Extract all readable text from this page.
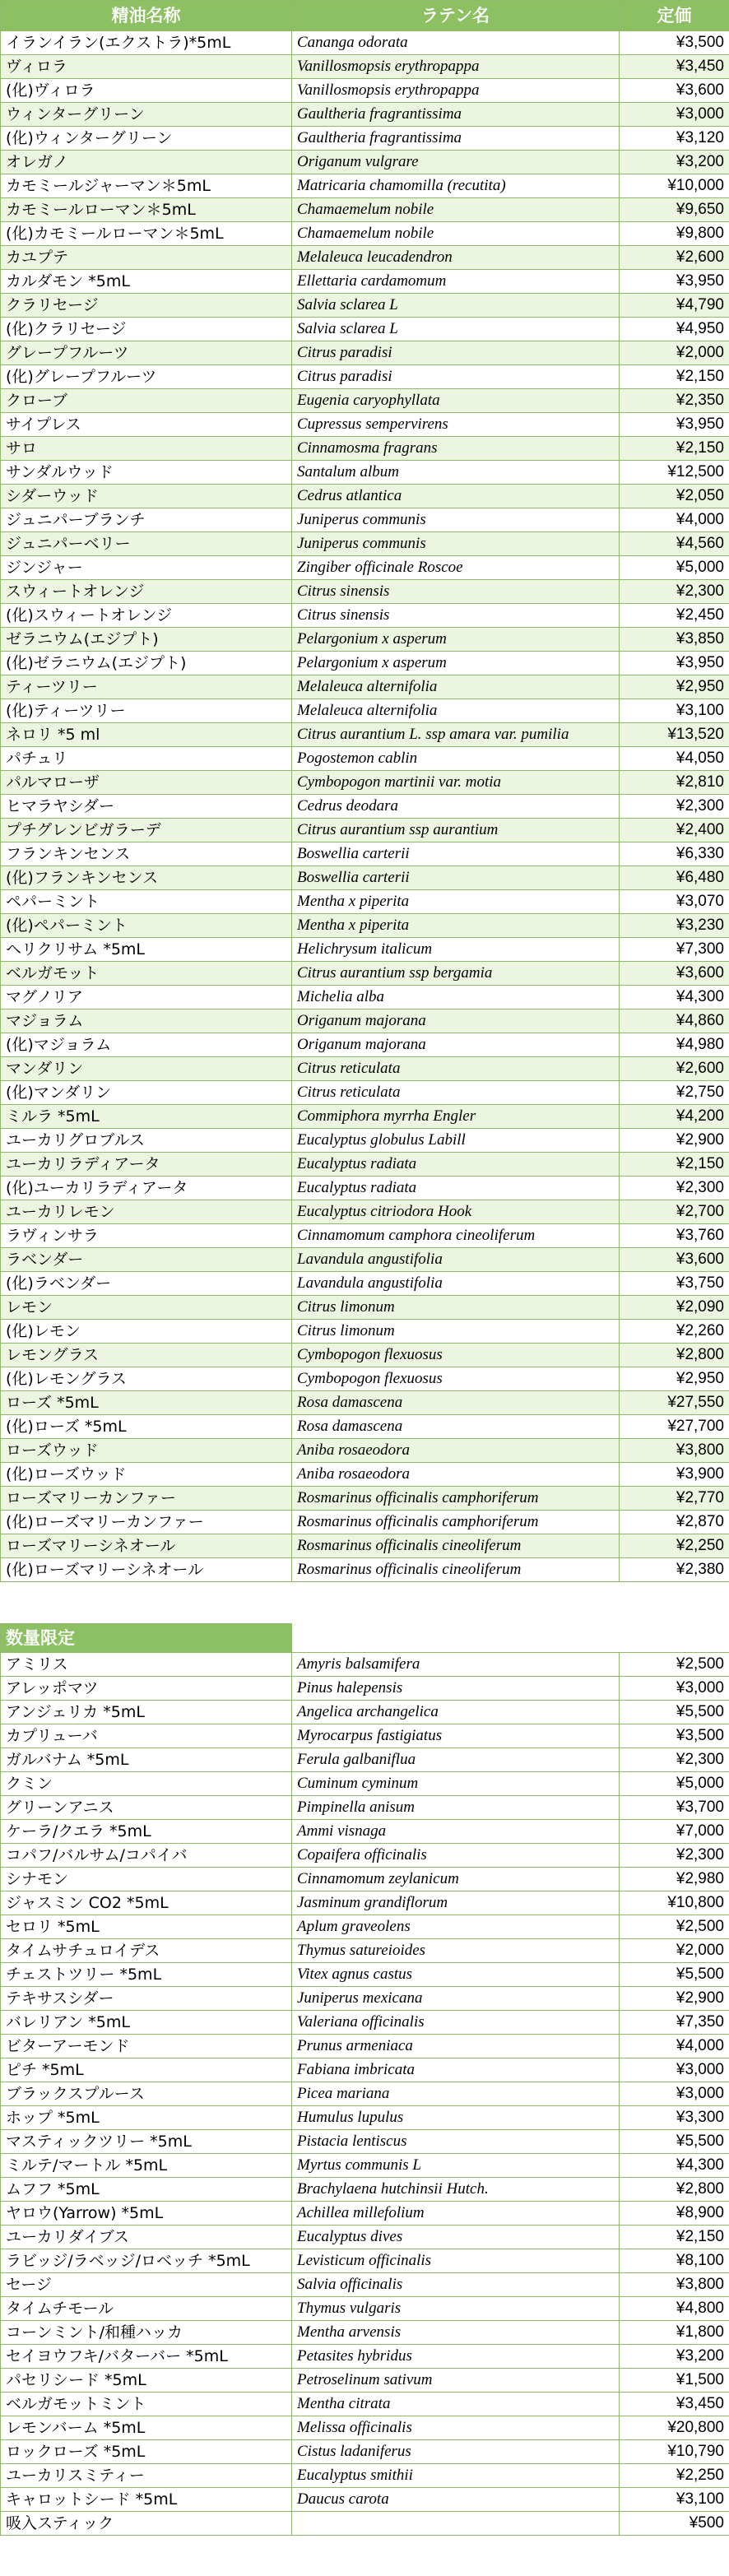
精油名称	ラテン名	定価
イランイラン(エクストラ)*5mL	Cananga odorata	¥3,500
ヴィロラ	Vanillosmopsis erythropappa	¥3,450
(化)ヴィロラ	Vanillosmopsis erythropappa	¥3,600
ウィンターグリーン	Gaultheria fragrantissima	¥3,000
(化)ウィンターグリーン	Gaultheria fragrantissima	¥3,120
オレガノ	Origanum vulgrare	¥3,200
カモミールジャーマン＊5mL	Matricaria chamomilla (recutita)	¥10,000
カモミールローマン＊5mL	Chamaemelum nobile	¥9,650
(化)カモミールローマン＊5mL	Chamaemelum nobile	¥9,800
カユプテ	Melaleuca leucadendron	¥2,600
カルダモン *5mL	Ellettaria cardamomum	¥3,950
クラリセージ	Salvia sclarea L	¥4,790
(化)クラリセージ	Salvia sclarea L	¥4,950
グレープフルーツ	Citrus paradisi	¥2,000
(化)グレープフルーツ	Citrus paradisi	¥2,150
クローブ	Eugenia caryophyllata	¥2,350
サイプレス	Cupressus sempervirens	¥3,950
サロ	Cinnamosma fragrans	¥2,150
サンダルウッド	Santalum album	¥12,500
シダーウッド	Cedrus atlantica	¥2,050
ジュニパーブランチ	Juniperus communis	¥4,000
ジュニパーベリー	Juniperus communis	¥4,560
ジンジャー	Zingiber officinale Roscoe	¥5,000
スウィートオレンジ	Citrus sinensis	¥2,300
(化)スウィートオレンジ	Citrus sinensis	¥2,450
ゼラニウム(エジプト)	Pelargonium x asperum	¥3,850
(化)ゼラニウム(エジプト)	Pelargonium x asperum	¥3,950
ティーツリー	Melaleuca alternifolia	¥2,950
(化)ティーツリー	Melaleuca alternifolia	¥3,100
ネロリ *5 ml	Citrus aurantium L. ssp amara var. pumilia	¥13,520
パチュリ	Pogostemon cablin	¥4,050
パルマローザ	Cymbopogon martinii var. motia	¥2,810
ヒマラヤシダー	Cedrus deodara	¥2,300
プチグレンビガラーデ	Citrus aurantium ssp aurantium	¥2,400
フランキンセンス	Boswellia carterii	¥6,330
(化)フランキンセンス	Boswellia carterii	¥6,480
ペパーミント	Mentha x piperita	¥3,070
(化)ペパーミント	Mentha x piperita	¥3,230
ヘリクリサム *5mL	Helichrysum italicum	¥7,300
ベルガモット	Citrus aurantium ssp bergamia	¥3,600
マグノリア	Michelia alba	¥4,300
マジョラム	Origanum majorana	¥4,860
(化)マジョラム	Origanum majorana	¥4,980
マンダリン	Citrus reticulata	¥2,600
(化)マンダリン	Citrus reticulata	¥2,750
ミルラ *5mL	Commiphora myrrha Engler	¥4,200
ユーカリグロブルス	Eucalyptus globulus Labill	¥2,900
ユーカリラディアータ	Eucalyptus radiata	¥2,150
(化)ユーカリラディアータ	Eucalyptus radiata	¥2,300
ユーカリレモン	Eucalyptus citriodora Hook	¥2,700
ラヴィンサラ	Cinnamomum camphora cineoliferum	¥3,760
ラベンダー	Lavandula angustifolia	¥3,600
(化)ラベンダー	Lavandula angustifolia	¥3,750
レモン	Citrus limonum	¥2,090
(化)レモン	Citrus limonum	¥2,260
レモングラス	Cymbopogon flexuosus	¥2,800
(化)レモングラス	Cymbopogon flexuosus	¥2,950
ローズ *5mL	Rosa damascena	¥27,550
(化)ローズ *5mL	Rosa damascena	¥27,700
ローズウッド	Aniba rosaeodora	¥3,800
(化)ローズウッド	Aniba rosaeodora	¥3,900
ローズマリーカンファー	Rosmarinus officinalis camphoriferum	¥2,770
(化)ローズマリーカンファー	Rosmarinus officinalis camphoriferum	¥2,870
ローズマリーシネオール	Rosmarinus officinalis cineoliferum	¥2,250
(化)ローズマリーシネオール	Rosmarinus officinalis cineoliferum	¥2,380
数量限定		
アミリス	Amyris balsamifera	¥2,500
アレッポマツ	Pinus halepensis	¥3,000
アンジェリカ *5mL	Angelica archangelica	¥5,500
カプリューバ	Myrocarpus fastigiatus	¥3,500
ガルバナム *5mL	Ferula galbaniflua	¥2,300
クミン	Cuminum cyminum	¥5,000
グリーンアニス	Pimpinella anisum	¥3,700
ケーラ/クエラ *5mL	Ammi visnaga	¥7,000
コパフ/バルサム/コパイバ	Copaifera officinalis	¥2,300
シナモン	Cinnamomum zeylanicum	¥2,980
ジャスミン CO2 *5mL	Jasminum grandiflorum	¥10,800
セロリ *5mL	Aplum graveolens	¥2,500
タイムサチュロイデス	Thymus satureioides	¥2,000
チェストツリー *5mL	Vitex agnus castus	¥5,500
テキサスシダー	Juniperus mexicana	¥2,900
バレリアン *5mL	Valeriana officinalis	¥7,350
ビターアーモンド	Prunus armeniaca	¥4,000
ピチ *5mL	Fabiana imbricata	¥3,000
ブラックスプルース	Picea mariana	¥3,000
ホップ *5mL	Humulus lupulus	¥3,300
マスティックツリー *5mL	Pistacia lentiscus	¥5,500
ミルテ/マートル *5mL	Myrtus communis L	¥4,300
ムフフ *5mL	Brachylaena hutchinsii Hutch.	¥2,800
ヤロウ(Yarrow) *5mL	Achillea millefolium	¥8,900
ユーカリダイブス	Eucalyptus dives	¥2,150
ラビッジ/ラベッジ/ロベッチ *5mL	Levisticum officinalis	¥8,100
セージ	Salvia officinalis	¥3,800
タイムチモール	Thymus vulgaris	¥4,800
コーンミント/和種ハッカ	Mentha arvensis	¥1,800
セイヨウフキ/バターバー *5mL	Petasites hybridus	¥3,200
パセリシード *5mL	Petroselinum sativum	¥1,500
ベルガモットミント	Mentha citrata	¥3,450
レモンバーム *5mL	Melissa officinalis	¥20,800
ロックローズ *5mL	Cistus ladaniferus	¥10,790
ユーカリスミティー	Eucalyptus smithii	¥2,250
キャロットシード *5mL	Daucus carota	¥3,100
吸入スティック		¥500
